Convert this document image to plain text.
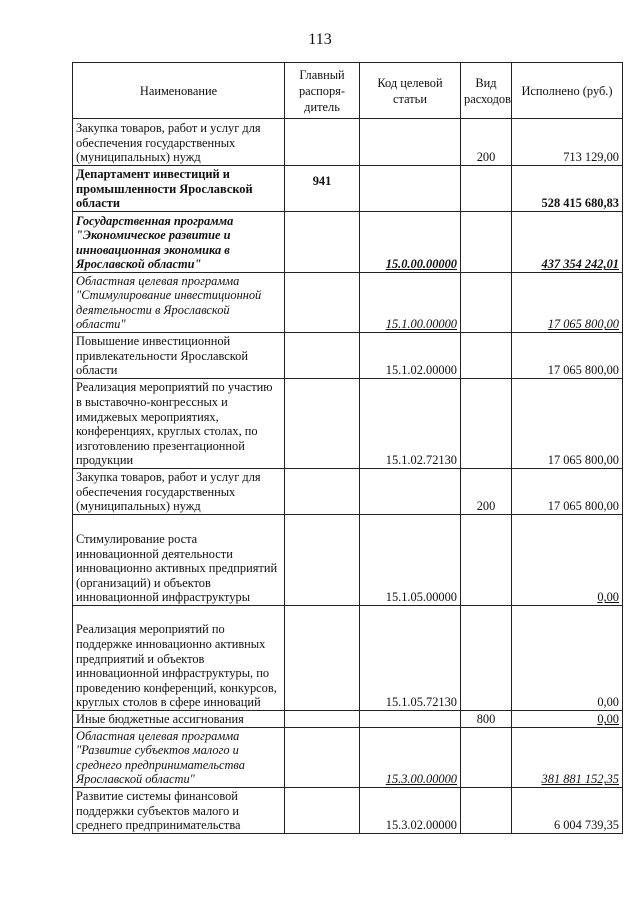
113
Наименование	Главный распоря-дитель	Код целевой статьи	Вид расходов	Исполнено (руб.)
Закупка товаров, работ и услуг для обеспечения государственных (муниципальных) нужд			200	713 129,00
Департамент инвестиций и промышленности Ярославской области	941			528 415 680,83
Государственная программа "Экономическое развитие и инновационная экономика в Ярославской области"		15.0.00.00000		437 354 242,01
Областная целевая программа "Стимулирование инвестиционной деятельности в Ярославской области"		15.1.00.00000		17 065 800,00
Повышение инвестиционной привлекательности Ярославской области		15.1.02.00000		17 065 800,00
Реализация мероприятий по участию в выставочно-конгрессных и имиджевых мероприятиях, конференциях, круглых столах, по изготовлению презентационной продукции		15.1.02.72130		17 065 800,00
Закупка товаров, работ и услуг для обеспечения государственных (муниципальных) нужд			200	17 065 800,00
Стимулирование роста инновационной деятельности инновационно активных предприятий (организаций) и объектов инновационной инфраструктуры		15.1.05.00000		0,00
Реализация мероприятий по поддержке инновационно активных предприятий и объектов инновационной инфраструктуры, по проведению конференций, конкурсов, круглых столов в сфере инноваций		15.1.05.72130		0,00
Иные бюджетные ассигнования			800	0,00
Областная целевая программа "Развитие субъектов малого и среднего предпринимательства Ярославской области"		15.3.00.00000		381 881 152,35
Развитие системы финансовой поддержки субъектов малого и среднего предпринимательства		15.3.02.00000		6 004 739,35
